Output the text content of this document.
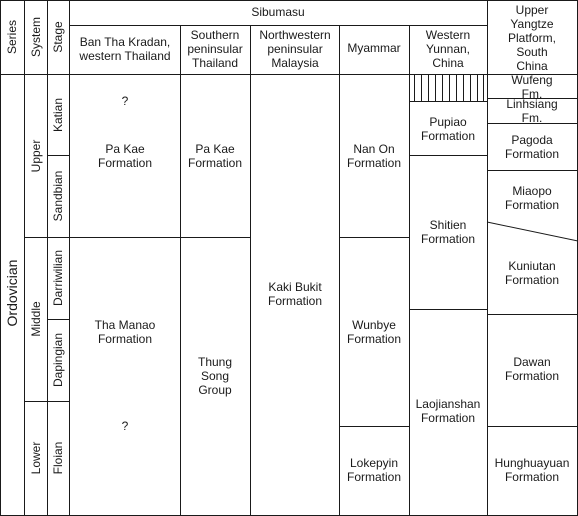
Series System Stage
Sibumasu
Ban Tha Kradan,
western Thailand
Southern
peninsular
Thailand
Northwestern
peninsular
Malaysia
Myammar
Western
Yunnan,
China
Upper
Yangtze
Platform,
South China
Ordovician
Upper
Middle
Lower
Katian
Sandbian
Darriwilian
Dapingian
Floian
?
Pa Kae
Formation
Tha Manao
Formation
?
Pa Kae
Formation
Thung
Song
Group
Kaki Bukit
Formation
Nan On
Formation
Wunbye
Formation
Lokepyin
Formation
Pupiao
Formation
Shitien
Formation
Laojianshan
Formation
Wufeng Fm.
Linhsiang Fm.
Pagoda
Formation
Miaopo
Formation
Kuniutan
Formation
Dawan
Formation
Hunghuayuan
Formation
